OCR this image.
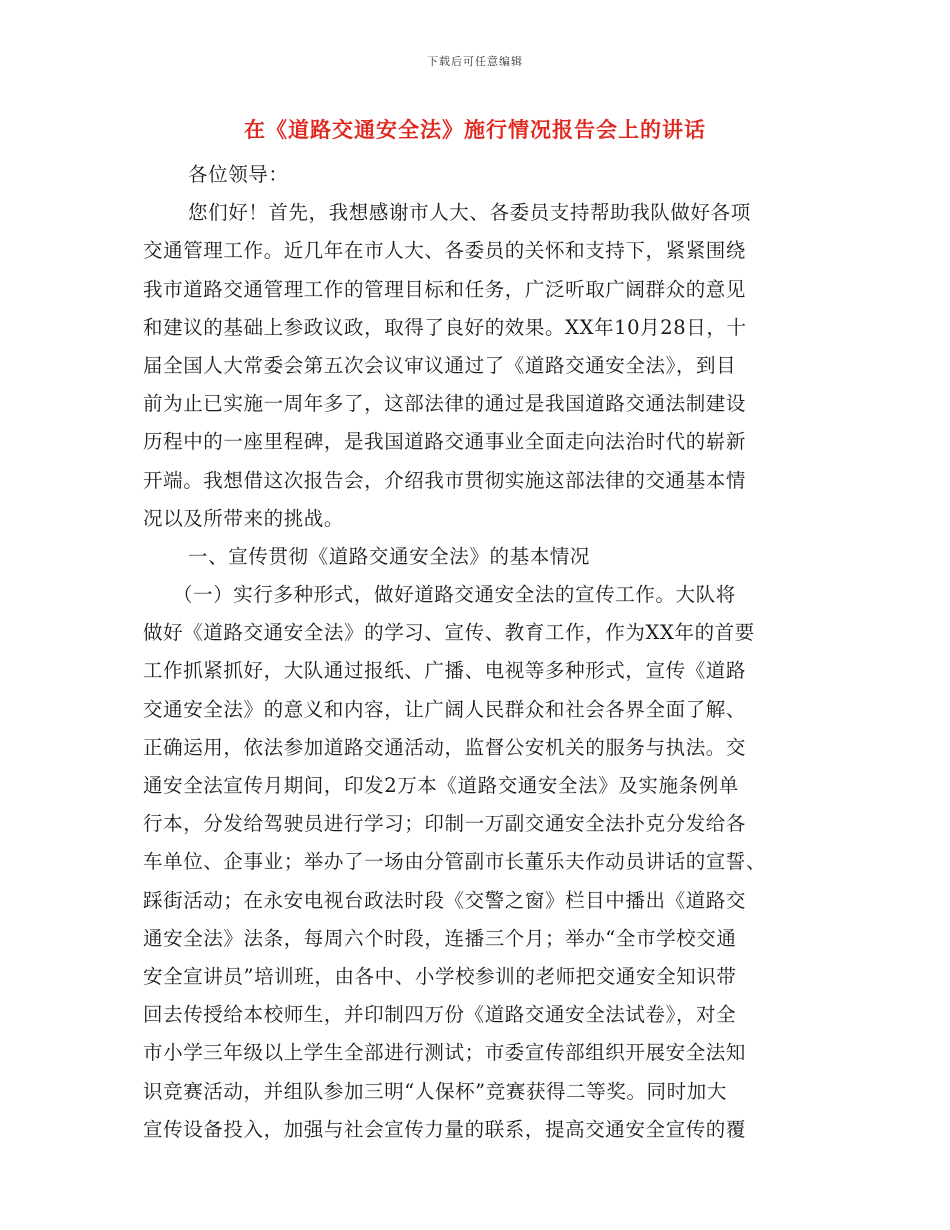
下载后可任意编辑
在《道路交通安全法》施行情况报告会上的讲话
各位领导：
您们好！首先，我想感谢市人大、各委员支持帮助我队做好各项
交通管理工作。近几年在市人大、各委员的关怀和支持下，紧紧围绕
我市道路交通管理工作的管理目标和任务，广泛听取广阔群众的意见
和建议的基础上参政议政，取得了良好的效果。XX年10月28日，十
届全国人大常委会第五次会议审议通过了《道路交通安全法》，到目
前为止已实施一周年多了，这部法律的通过是我国道路交通法制建设
历程中的一座里程碑，是我国道路交通事业全面走向法治时代的崭新
开端。我想借这次报告会，介绍我市贯彻实施这部法律的交通基本情
况以及所带来的挑战。
一、宣传贯彻《道路交通安全法》的基本情况
（一）实行多种形式，做好道路交通安全法的宣传工作。大队将
做好《道路交通安全法》的学习、宣传、教育工作，作为XX年的首要
工作抓紧抓好，大队通过报纸、广播、电视等多种形式，宣传《道路
交通安全法》的意义和内容，让广阔人民群众和社会各界全面了解、
正确运用，依法参加道路交通活动，监督公安机关的服务与执法。交
通安全法宣传月期间，印发2万本《道路交通安全法》及实施条例单
行本，分发给驾驶员进行学习；印制一万副交通安全法扑克分发给各
车单位、企事业；举办了一场由分管副市长董乐夫作动员讲话的宣誓、
踩街活动；在永安电视台政法时段《交警之窗》栏目中播出《道路交
通安全法》法条，每周六个时段，连播三个月；举办“全市学校交通
安全宣讲员”培训班，由各中、小学校参训的老师把交通安全知识带
回去传授给本校师生，并印制四万份《道路交通安全法试卷》，对全
市小学三年级以上学生全部进行测试；市委宣传部组织开展安全法知
识竞赛活动，并组队参加三明“人保杯”竞赛获得二等奖。同时加大
宣传设备投入，加强与社会宣传力量的联系，提高交通安全宣传的覆
